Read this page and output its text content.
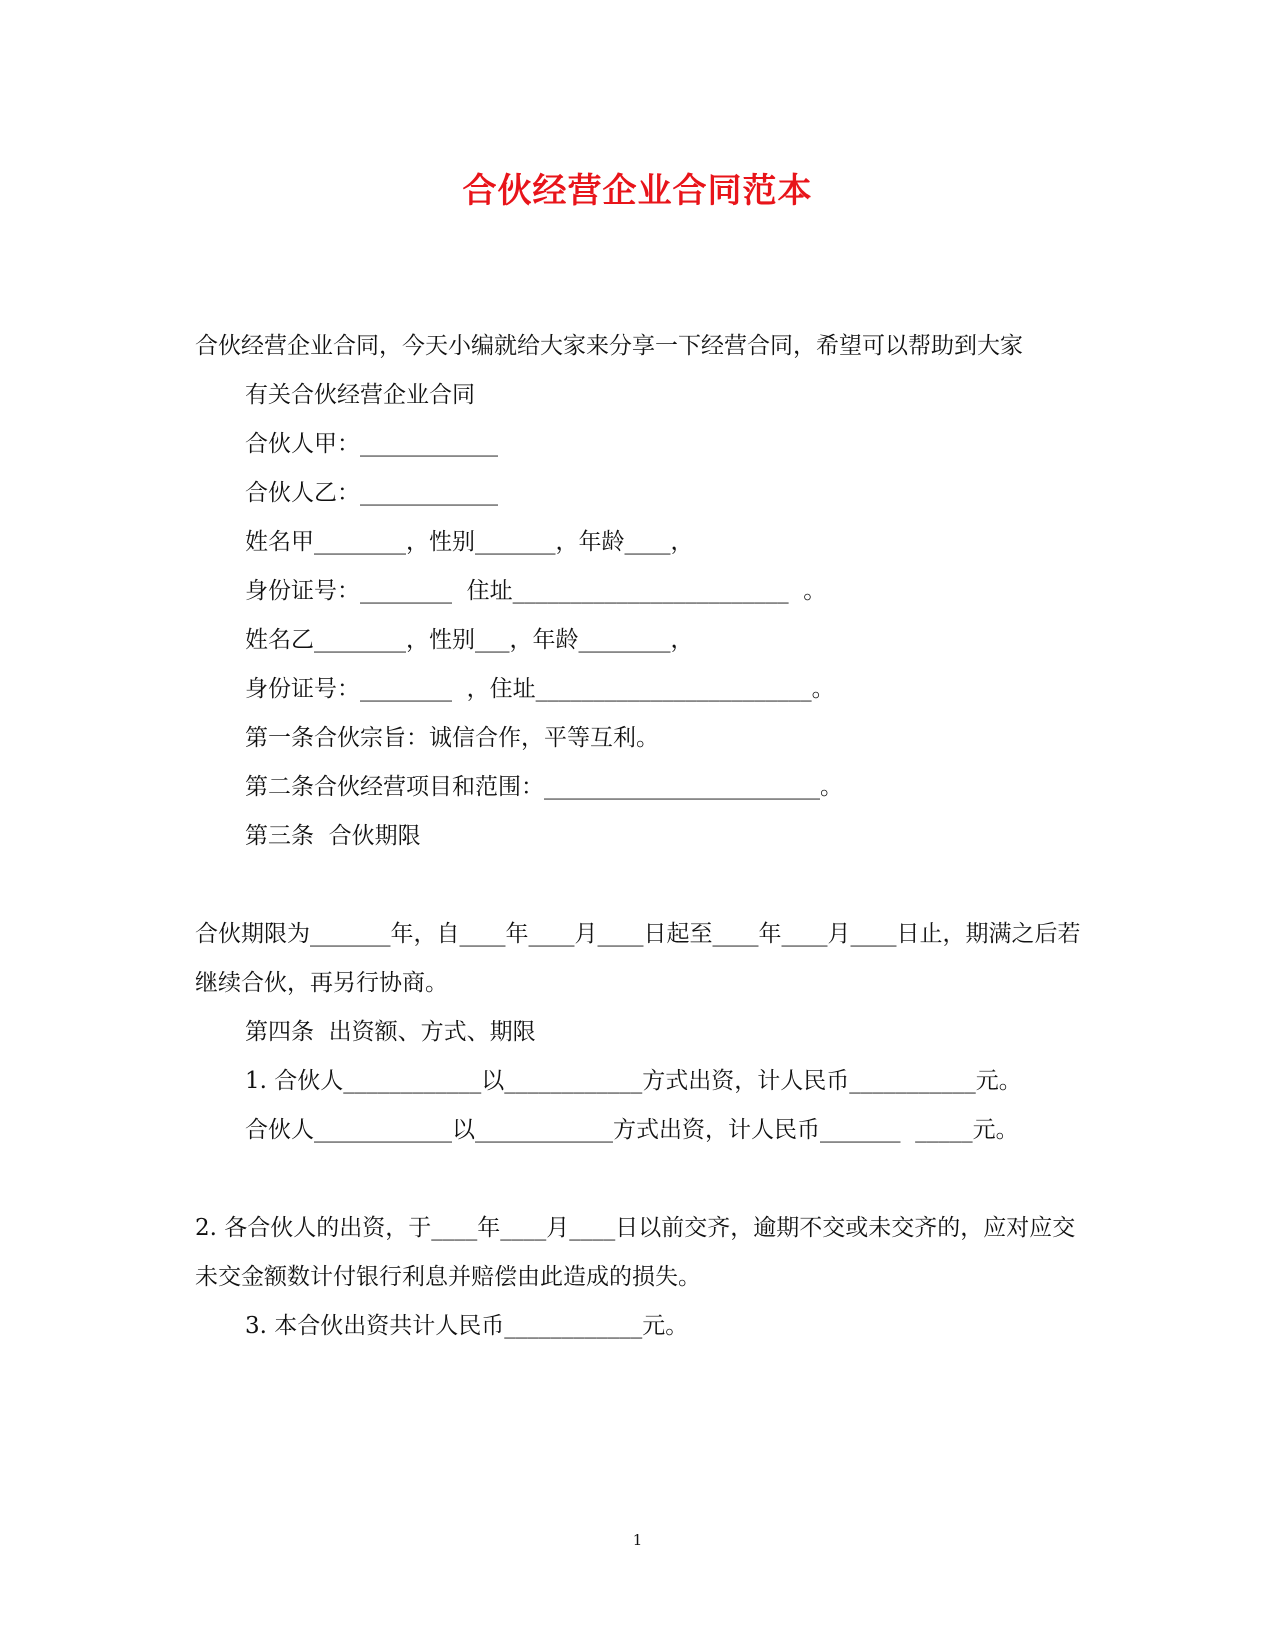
合伙经营企业合同范本

合伙经营企业合同，今天小编就给大家来分享一下经营合同，希望可以帮助到大家

有关合伙经营企业合同

合伙人甲：____________

合伙人乙：____________

姓名甲________，性别_______，年龄____，

身份证号：________  住址________________________  。

姓名乙________，性别___，年龄________，

身份证号：________  ，住址________________________。

第一条合伙宗旨：诚信合作，平等互利。

第二条合伙经营项目和范围：________________________。

第三条  合伙期限

合伙期限为_______年，自____年____月____日起至____年____月____日止，期满之后若继续合伙，再另行协商。

第四条  出资额、方式、期限

1. 合伙人____________以____________方式出资，计人民币___________元。

合伙人____________以____________方式出资，计人民币_______  _____元。

2. 各合伙人的出资，于____年____月____日以前交齐，逾期不交或未交齐的，应对应交未交金额数计付银行利息并赔偿由此造成的损失。

3. 本合伙出资共计人民币____________元。

1
